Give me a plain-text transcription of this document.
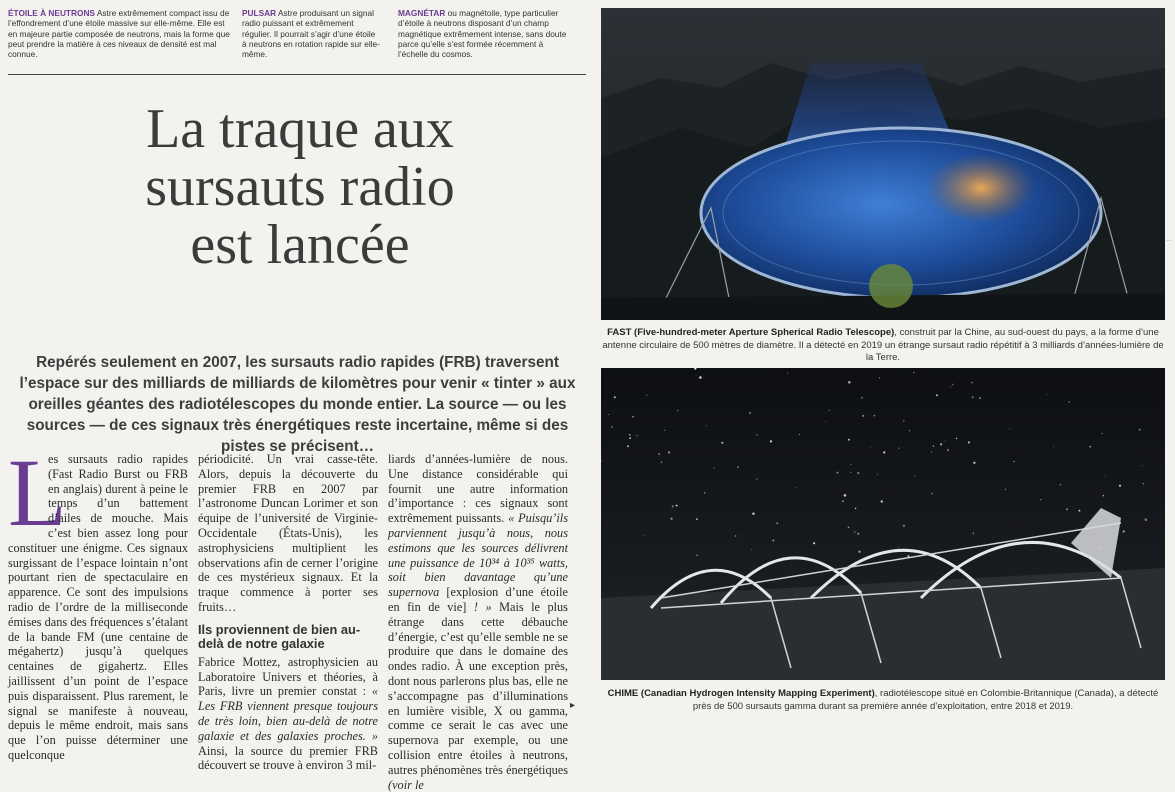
ÉTOILE À NEUTRONS Astre extrêmement compact issu de l’effondrement d’une étoile massive sur elle-même. Elle est en majeure partie composée de neutrons, mais la forme que peut prendre la matière à ces niveaux de densité est mal connue.
PULSAR Astre produisant un signal radio puissant et extrêmement régulier. Il pourrait s’agir d’une étoile à neutrons en rotation rapide sur elle-même.
MAGNÉTAR ou magnétoile, type particulier d’étoile à neutrons disposant d’un champ magnétique extrêmement intense, sans doute parce qu’elle s’est formée récemment à l’échelle du cosmos.
La traque aux
sursauts radio
est lancée
Repérés seulement en 2007, les sursauts radio rapides (FRB) traversent l’espace sur des milliards de milliards de kilomètres pour venir « tinter » aux oreilles géantes des radiotélescopes du monde entier. La source — ou les sources — de ces signaux très énergétiques reste incertaine, même si des pistes se précisent…
L

es sursauts radio rapides (Fast Radio Burst ou FRB en anglais) durent à peine le temps d’un battement d’ailes de mouche. Mais c’est bien assez long pour constituer une énigme. Ces signaux surgissant de l’espace lointain n’ont pourtant rien de spectaculaire en apparence. Ce sont des impulsions radio de l’ordre de la milliseconde émises dans des fréquences s’étalant de la bande FM (une centaine de mégahertz) jusqu’à quelques centaines de gigahertz. Elles jaillissent d’un point de l’espace puis disparaissent. Plus rarement, le signal se manifeste à nouveau, depuis le même endroit, mais sans que l’on puisse déterminer une quelconque

périodicité. Un vrai casse-tête. Alors, depuis la découverte du premier FRB en 2007 par l’astronome Duncan Lorimer et son équipe de l’université de Virginie-Occidentale (États-Unis), les astrophysiciens multiplient les observations afin de cerner l’origine de ces mystérieux signaux. Et la traque commence à porter ses fruits…

Ils proviennent de bien au-delà de notre galaxie

Fabrice Mottez, astrophysicien au Laboratoire Univers et théories, à Paris, livre un premier constat : « Les FRB viennent presque toujours de très loin, bien au-delà de notre galaxie et des galaxies proches. » Ainsi, la source du premier FRB découvert se trouve à environ 3 mil-

liards d’années-lumière de nous. Une distance considérable qui fournit une autre information d’importance : ces signaux sont extrêmement puissants. « Puisqu’ils parviennent jusqu’à nous, nous estimons que les sources délivrent une puissance de 10³⁴ à 10³⁵ watts, soit bien davantage qu’une supernova [explosion d’une étoile en fin de vie] ! » Mais le plus étrange dans cette débauche d’énergie, c’est qu’elle semble ne se produire que dans le domaine des ondes radio. À une exception près, dont nous parlerons plus bas, elle ne s’accompagne pas d’illuminations en lumière visible, X ou gamma, comme ce serait le cas avec une supernova par exemple, ou une collision entre étoiles à neutrons, autres phénomènes très énergétiques (voir le

▸
|
FAST (Five-hundred-meter Aperture Spherical Radio Telescope), construit par la Chine, au sud-ouest du pays, a la forme d’une antenne circulaire de 500 mètres de diamètre. Il a détecté en 2019 un étrange sursaut radio répétitif à 3 milliards d’années-lumière de la Terre.
CHIME (Canadian Hydrogen Intensity Mapping Experiment), radiotélescope situé en Colombie-Britannique (Canada), a détecté près de 500 sursauts gamma durant sa première année d’exploitation, entre 2018 et 2019.
